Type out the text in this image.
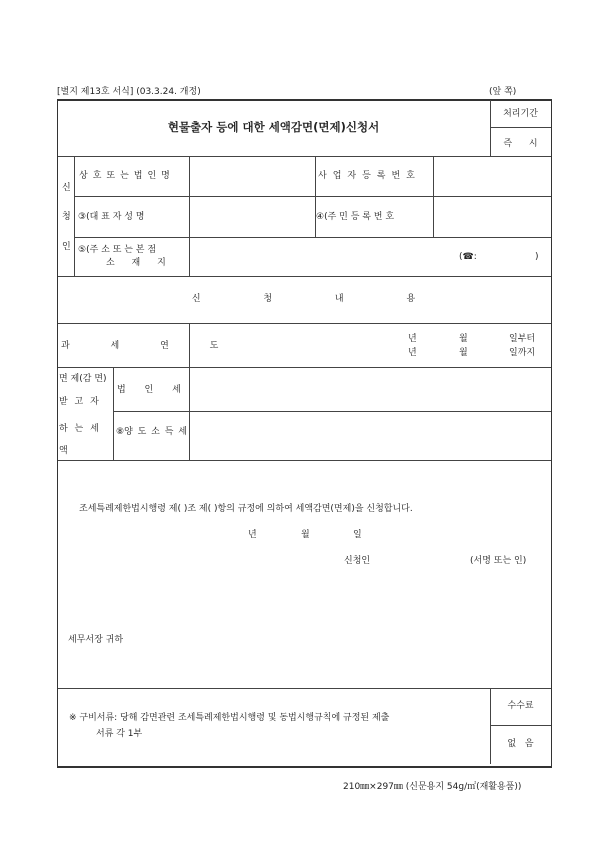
[별지 제13호 서식] (03.3.24. 개정)	(앞 쪽)
현물출자 등에 대한 세액감면(면제)신청서
처리기간
즉 시
신
청
인
상호또는법인명	사업자등록번호
③(대 표 자 성 명	④(주 민 등 록 번 호
⑤(주 소 또 는 본 점
소 재 지
(☎:	)
신 청 내 용
과 세 연 도
년	월	일부터
년	월	일까지
면 제(감 면)
받 고 자
하 는 세
액
법 인 세
⑧양 도 소 득 세
조세특례제한법시행령 제( )조 제( )항의 규정에 의하여 세액감면(면제)을 신청합니다.
년	월	일
신청인	(서명 또는 인)
세무서장 귀하
※ 구비서류: 당해 감면관련 조세특례제한법시행령 및 동법시행규칙에 규정된 제출
서류 각 1부
수수료
없 음
210㎜×297㎜ (신문용지 54g/㎡(재활용품))
